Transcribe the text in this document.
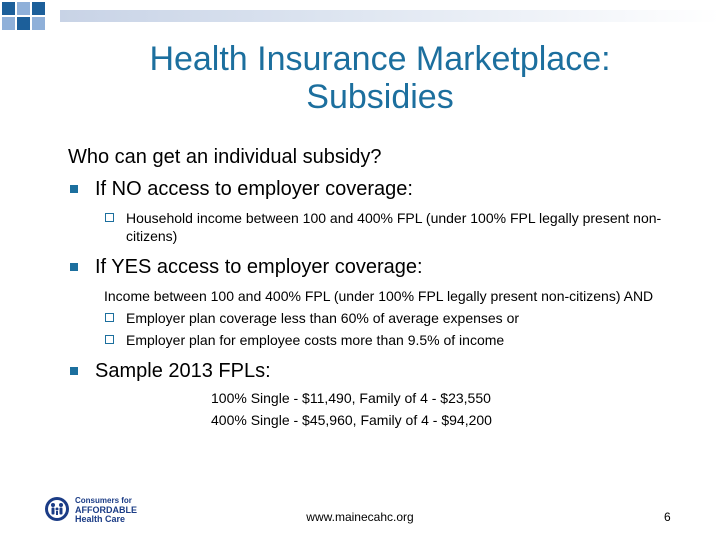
Health Insurance Marketplace:
Subsidies

Who can get an individual subsidy?

If NO access to employer coverage:

Household income between 100 and 400% FPL (under 100% FPL legally present non-citizens)

If YES access to employer coverage:

Income between 100 and 400% FPL (under 100% FPL legally present non-citizens) AND

Employer plan coverage less than 60% of average expenses or

Employer plan for employee costs more than 9.5% of income

Sample 2013 FPLs:

100% Single - $11,490, Family of 4 - $23,550

400% Single - $45,960, Family of 4 - $94,200

Consumers for
AFFORDABLE
Health Care	www.mainecahc.org	6
